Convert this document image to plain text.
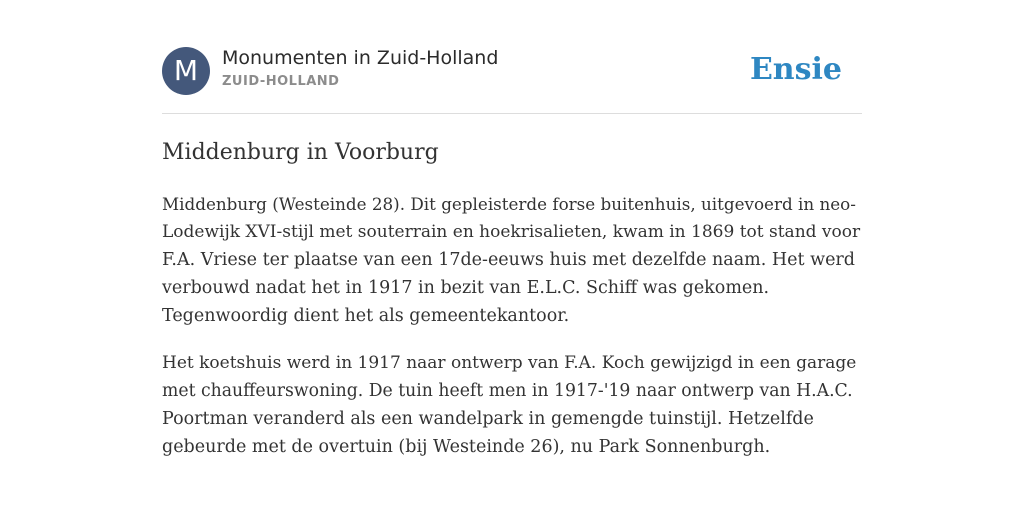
M	Monumenten in Zuid-Holland
ZUID-HOLLAND	Ensie
Middenburg in Voorburg
Middenburg (Westeinde 28). Dit gepleisterde forse buitenhuis, uitgevoerd in neo-
Lodewijk XVI-stijl met souterrain en hoekrisalieten, kwam in 1869 tot stand voor
F.A. Vriese ter plaatse van een 17de-eeuws huis met dezelfde naam. Het werd
verbouwd nadat het in 1917 in bezit van E.L.C. Schiff was gekomen.
Tegenwoordig dient het als gemeentekantoor.
Het koetshuis werd in 1917 naar ontwerp van F.A. Koch gewijzigd in een garage
met chauffeurswoning. De tuin heeft men in 1917-'19 naar ontwerp van H.A.C.
Poortman veranderd als een wandelpark in gemengde tuinstijl. Hetzelfde
gebeurde met de overtuin (bij Westeinde 26), nu Park Sonnenburgh.
